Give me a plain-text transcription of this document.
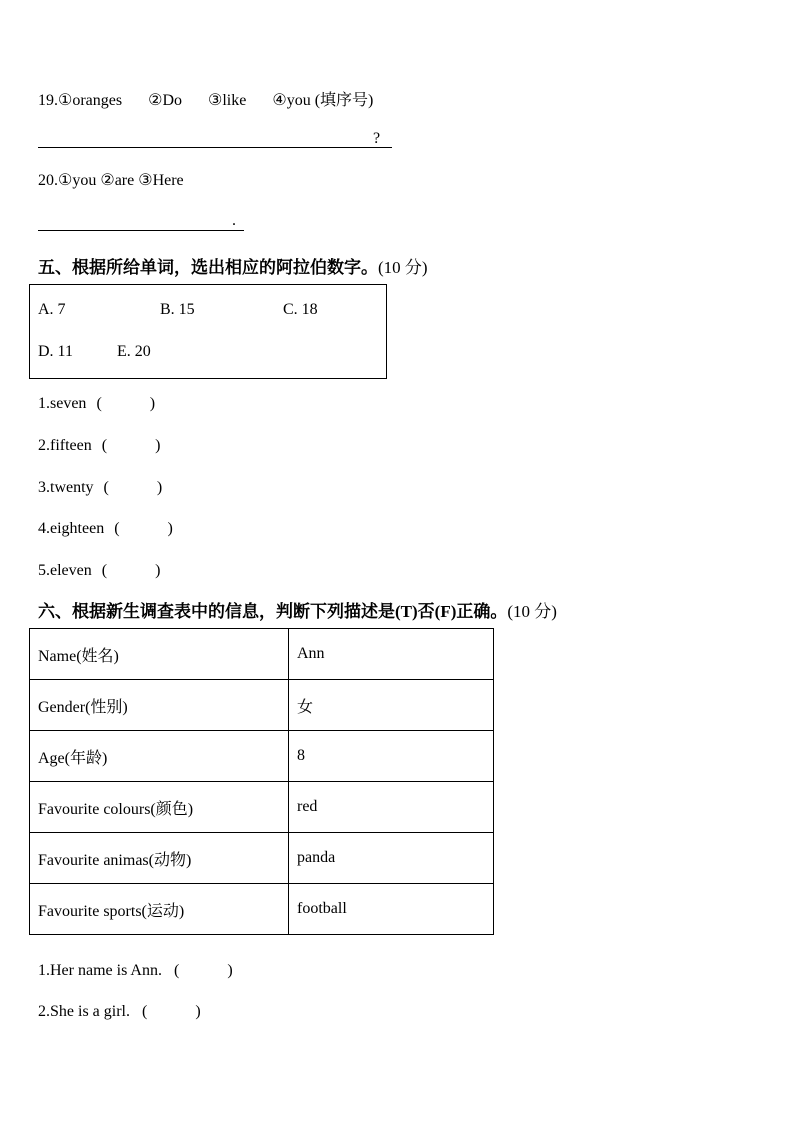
19.①oranges ②Do ③like ④you (填序号)
?
20.①you ②are ③Here
.
五、根据所给单词，选出相应的阿拉伯数字。(10 分)
A. 7	B. 15	C. 18
D. 11	E. 20
1.seven (　　　)
2.fifteen (　　　)
3.twenty (　　　)
4.eighteen (　　　)
5.eleven (　　　)
六、根据新生调查表中的信息，判断下列描述是(T)否(F)正确。(10 分)
Name(姓名)	Ann
Gender(性别)	女
Age(年龄)	8
Favourite colours(颜色)	red
Favourite animas(动物)	panda
Favourite sports(运动)	football
1.Her name is Ann. (　　　)
2.She is a girl. (　　　)
